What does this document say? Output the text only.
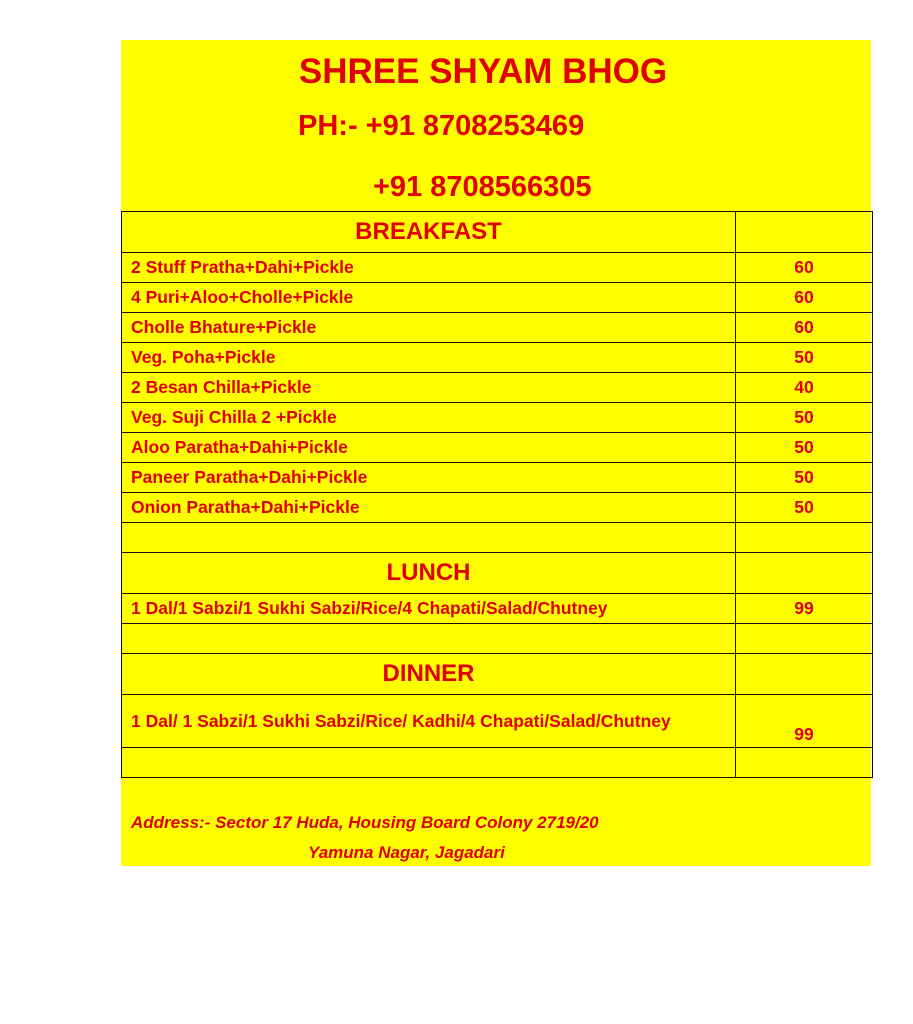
SHREE SHYAM BHOG
PH:- +91 8708253469
+91 8708566305
BREAKFAST	
2 Stuff Pratha+Dahi+Pickle	60
4 Puri+Aloo+Cholle+Pickle	60
Cholle Bhature+Pickle	60
Veg. Poha+Pickle	50
2 Besan Chilla+Pickle	40
Veg. Suji Chilla 2 +Pickle	50
Aloo Paratha+Dahi+Pickle	50
Paneer Paratha+Dahi+Pickle	50
Onion Paratha+Dahi+Pickle	50

LUNCH	
1 Dal/1 Sabzi/1 Sukhi Sabzi/Rice/4 Chapati/Salad/Chutney	99

DINNER	
1 Dal/ 1 Sabzi/1 Sukhi Sabzi/Rice/ Kadhi/4 Chapati/Salad/Chutney	99

Address:- Sector 17 Huda, Housing Board Colony 2719/20
Yamuna Nagar, Jagadari
